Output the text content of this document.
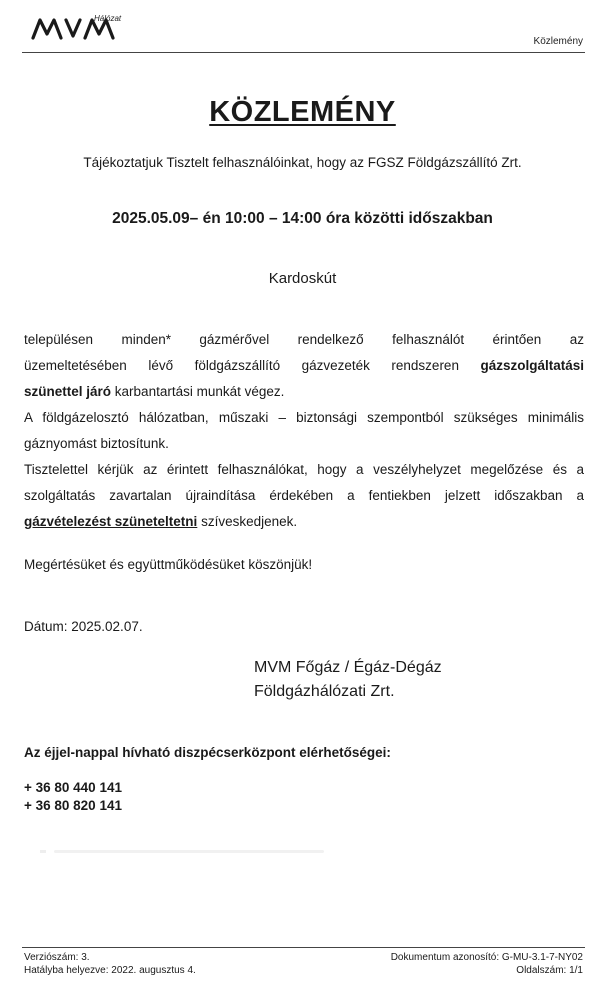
Hálózat
Közlemény
KÖZLEMÉNY
Tájékoztatjuk Tisztelt felhasználóinkat, hogy az FGSZ Földgázszállító Zrt.
2025.05.09– én 10:00 – 14:00 óra közötti időszakban
Kardoskút

településen minden* gázmérővel rendelkező felhasználót érintően az

üzemeltetésében lévő földgázszállító gázvezeték rendszeren gázszolgáltatási

szünettel járó karbantartási munkát végez.

A földgázelosztó hálózatban, műszaki – biztonsági szempontból szükséges minimális gáznyomást biztosítunk.

Tisztelettel kérjük az érintett felhasználókat, hogy a veszélyhelyzet megelőzése és a szolgáltatás zavartalan újraindítása érdekében a fentiekben jelzett időszakban a gázvételezést szüneteltetni szíveskedjenek.

Megértésüket és együttműködésüket köszönjük!
Dátum: 2025.02.07.
MVM Főgáz / Égáz-Dégáz
Földgázhálózati Zrt.
Az éjjel-nappal hívható diszpécserközpont elérhetőségei:
+ 36 80 440 141
+ 36 80 820 141
Verziószám: 3.
Hatályba helyezve: 2022. augusztus 4.
Dokumentum azonosító: G-MU-3.1-7-NY02
Oldalszám: 1/1
